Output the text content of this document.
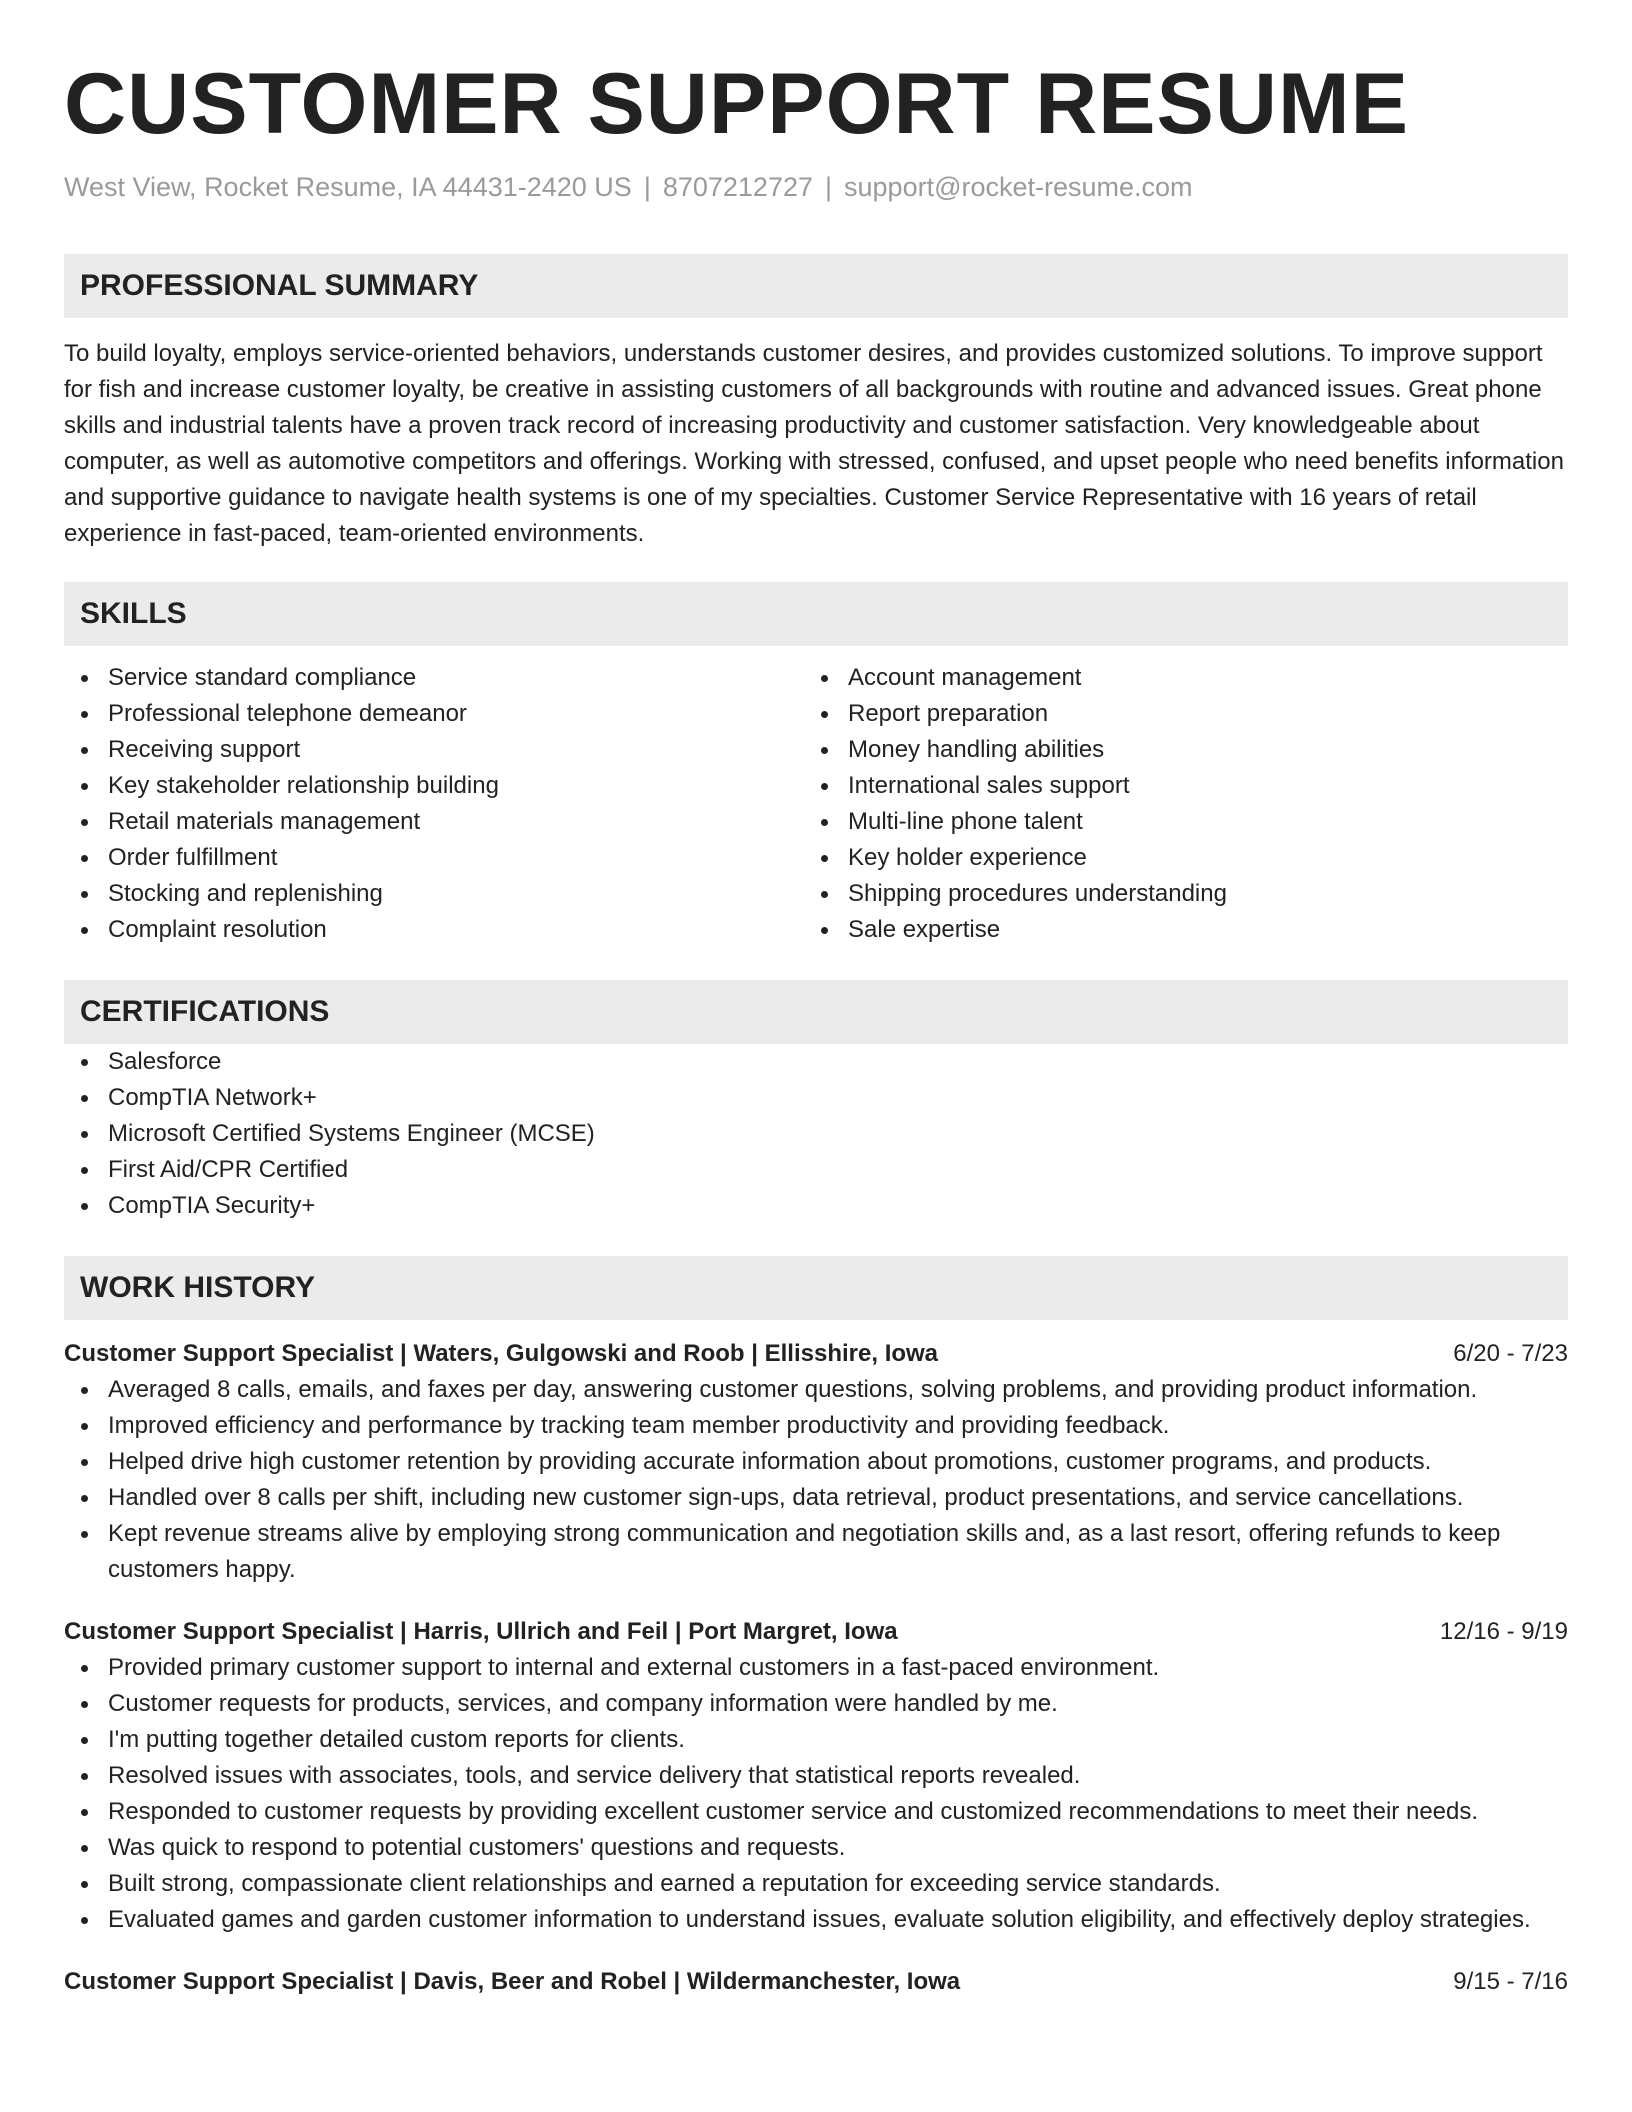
CUSTOMER SUPPORT RESUME
West View, Rocket Resume, IA 44431-2420 US | 8707212727 | support@rocket-resume.com
PROFESSIONAL SUMMARY

To build loyalty, employs service-oriented behaviors, understands customer desires, and provides customized solutions. To improve support for fish and increase customer loyalty, be creative in assisting customers of all backgrounds with routine and advanced issues. Great phone skills and industrial talents have a proven track record of increasing productivity and customer satisfaction. Very knowledgeable about computer, as well as automotive competitors and offerings. Working with stressed, confused, and upset people who need benefits information and supportive guidance to navigate health systems is one of my specialties. Customer Service Representative with 16 years of retail experience in fast-paced, team-oriented environments.

SKILLS
Service standard compliance
Professional telephone demeanor
Receiving support
Key stakeholder relationship building
Retail materials management
Order fulfillment
Stocking and replenishing
Complaint resolution
Account management
Report preparation
Money handling abilities
International sales support
Multi-line phone talent
Key holder experience
Shipping procedures understanding
Sale expertise
CERTIFICATIONS
Salesforce
CompTIA Network+
Microsoft Certified Systems Engineer (MCSE)
First Aid/CPR Certified
CompTIA Security+
WORK HISTORY
Customer Support Specialist | Waters, Gulgowski and Roob | Ellisshire, Iowa	6/20 - 7/23
Averaged 8 calls, emails, and faxes per day, answering customer questions, solving problems, and providing product information.
Improved efficiency and performance by tracking team member productivity and providing feedback.
Helped drive high customer retention by providing accurate information about promotions, customer programs, and products.
Handled over 8 calls per shift, including new customer sign-ups, data retrieval, product presentations, and service cancellations.
Kept revenue streams alive by employing strong communication and negotiation skills and, as a last resort, offering refunds to keep customers happy.
Customer Support Specialist | Harris, Ullrich and Feil | Port Margret, Iowa	12/16 - 9/19
Provided primary customer support to internal and external customers in a fast-paced environment.
Customer requests for products, services, and company information were handled by me.
I'm putting together detailed custom reports for clients.
Resolved issues with associates, tools, and service delivery that statistical reports revealed.
Responded to customer requests by providing excellent customer service and customized recommendations to meet their needs.
Was quick to respond to potential customers' questions and requests.
Built strong, compassionate client relationships and earned a reputation for exceeding service standards.
Evaluated games and garden customer information to understand issues, evaluate solution eligibility, and effectively deploy strategies.
Customer Support Specialist | Davis, Beer and Robel | Wildermanchester, Iowa	9/15 - 7/16
